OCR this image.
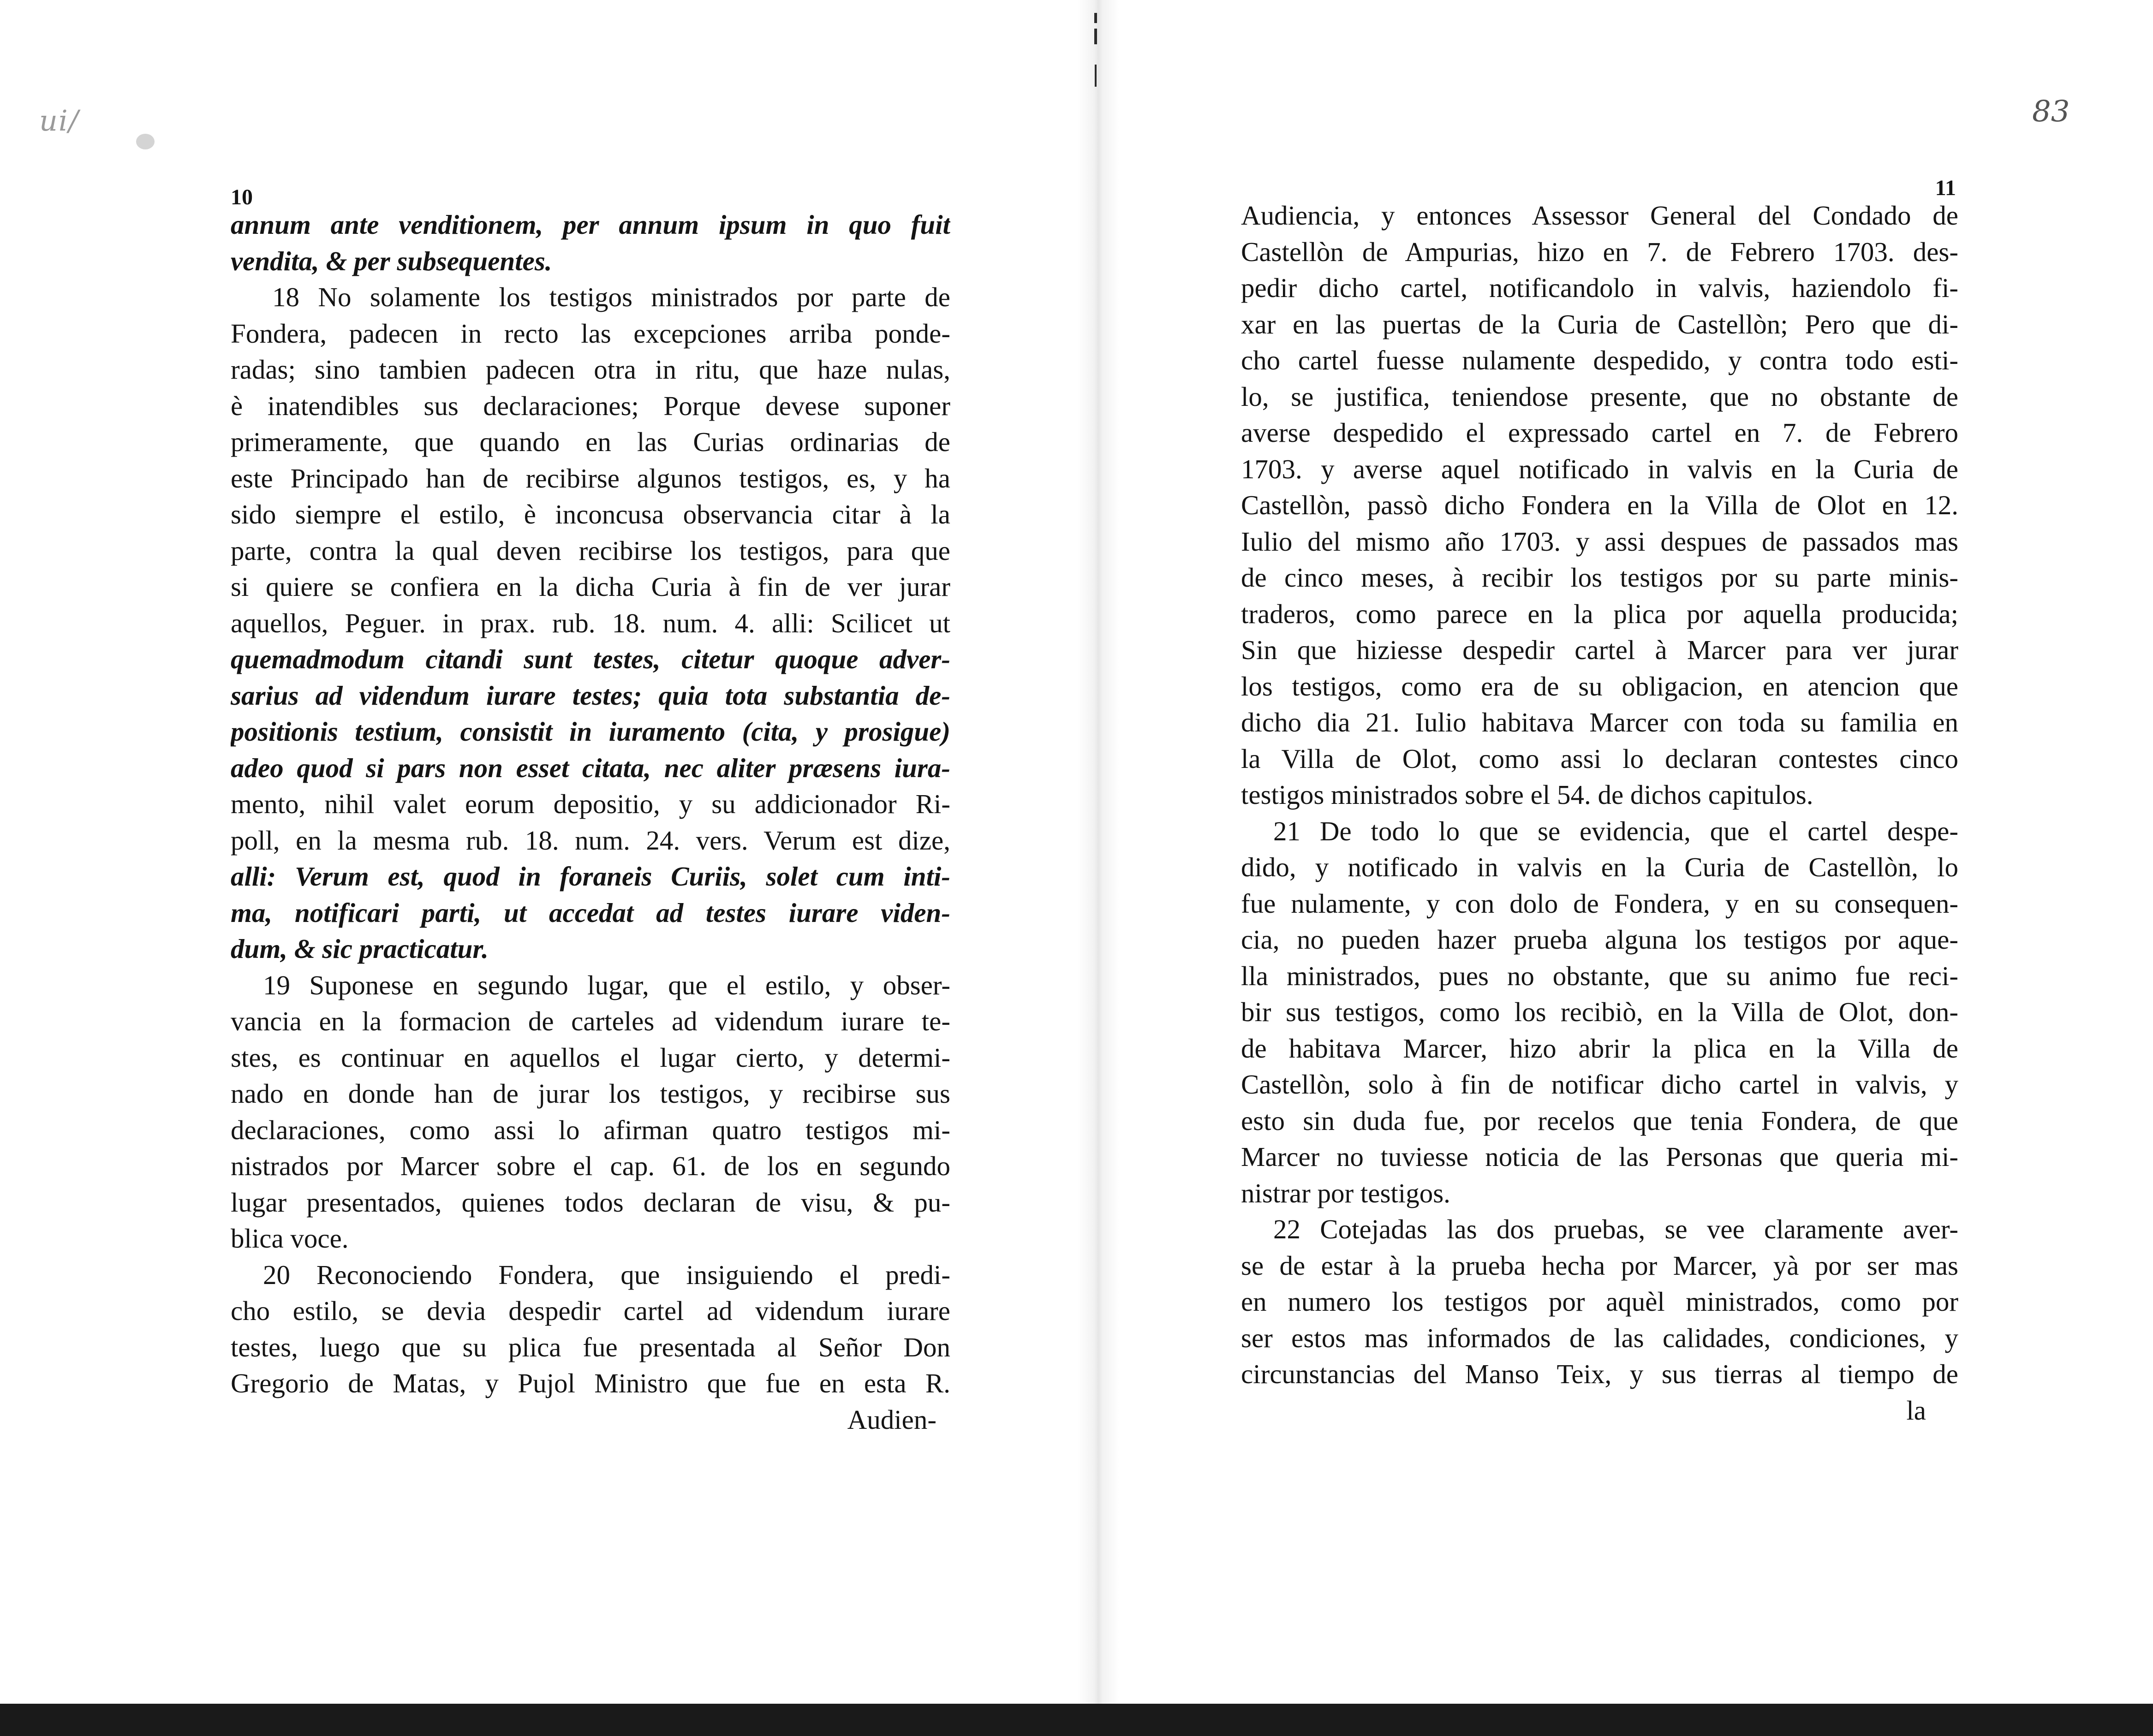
ui/	83
10
annum ante venditionem, per annum ipsum in quo fuit
vendita, & per subsequentes.
18 No solamente los testigos ministrados por parte de
Fondera, padecen in recto las excepciones arriba ponde-
radas; sino tambien padecen otra in ritu, que haze nulas,
è inatendibles sus declaraciones; Porque devese suponer
primeramente, que quando en las Curias ordinarias de
este Principado han de recibirse algunos testigos, es, y ha
sido siempre el estilo, è inconcusa observancia citar à la
parte, contra la qual deven recibirse los testigos, para que
si quiere se confiera en la dicha Curia à fin de ver jurar
aquellos, Peguer. in prax. rub. 18. num. 4. alli: Scilicet ut
quemadmodum citandi sunt testes, citetur quoque adver-
sarius ad videndum iurare testes; quia tota substantia de-
positionis testium, consistit in iuramento (cita, y prosigue)
adeo quod si pars non esset citata, nec aliter præsens iura-
mento, nihil valet eorum depositio, y su addicionador Ri-
poll, en la mesma rub. 18. num. 24. vers. Verum est dize,
alli: Verum est, quod in foraneis Curiis, solet cum inti-
ma, notificari parti, ut accedat ad testes iurare viden-
dum, & sic practicatur.
19 Suponese en segundo lugar, que el estilo, y obser-
vancia en la formacion de carteles ad videndum iurare te-
stes, es continuar en aquellos el lugar cierto, y determi-
nado en donde han de jurar los testigos, y recibirse sus
declaraciones, como assi lo afirman quatro testigos mi-
nistrados por Marcer sobre el cap. 61. de los en segundo
lugar presentados, quienes todos declaran de visu, & pu-
blica voce.
20 Reconociendo Fondera, que insiguiendo el predi-
cho estilo, se devia despedir cartel ad videndum iurare
testes, luego que su plica fue presentada al Señor Don
Gregorio de Matas, y Pujol Ministro que fue en esta R.
Audien-
11
Audiencia, y entonces Assessor General del Condado de
Castellòn de Ampurias, hizo en 7. de Febrero 1703. des-
pedir dicho cartel, notificandolo in valvis, haziendolo fi-
xar en las puertas de la Curia de Castellòn; Pero que di-
cho cartel fuesse nulamente despedido, y contra todo esti-
lo, se justifica, teniendose presente, que no obstante de
averse despedido el expressado cartel en 7. de Febrero
1703. y averse aquel notificado in valvis en la Curia de
Castellòn, passò dicho Fondera en la Villa de Olot en 12.
Iulio del mismo año 1703. y assi despues de passados mas
de cinco meses, à recibir los testigos por su parte minis-
traderos, como parece en la plica por aquella producida;
Sin que hiziesse despedir cartel à Marcer para ver jurar
los testigos, como era de su obligacion, en atencion que
dicho dia 21. Iulio habitava Marcer con toda su familia en
la Villa de Olot, como assi lo declaran contestes cinco
testigos ministrados sobre el 54. de dichos capitulos.
21 De todo lo que se evidencia, que el cartel despe-
dido, y notificado in valvis en la Curia de Castellòn, lo
fue nulamente, y con dolo de Fondera, y en su consequen-
cia, no pueden hazer prueba alguna los testigos por aque-
lla ministrados, pues no obstante, que su animo fue reci-
bir sus testigos, como los recibiò, en la Villa de Olot, don-
de habitava Marcer, hizo abrir la plica en la Villa de
Castellòn, solo à fin de notificar dicho cartel in valvis, y
esto sin duda fue, por recelos que tenia Fondera, de que
Marcer no tuviesse noticia de las Personas que queria mi-
nistrar por testigos.
22 Cotejadas las dos pruebas, se vee claramente aver-
se de estar à la prueba hecha por Marcer, yà por ser mas
en numero los testigos por aquèl ministrados, como por
ser estos mas informados de las calidades, condiciones, y
circunstancias del Manso Teix, y sus tierras al tiempo de
la
